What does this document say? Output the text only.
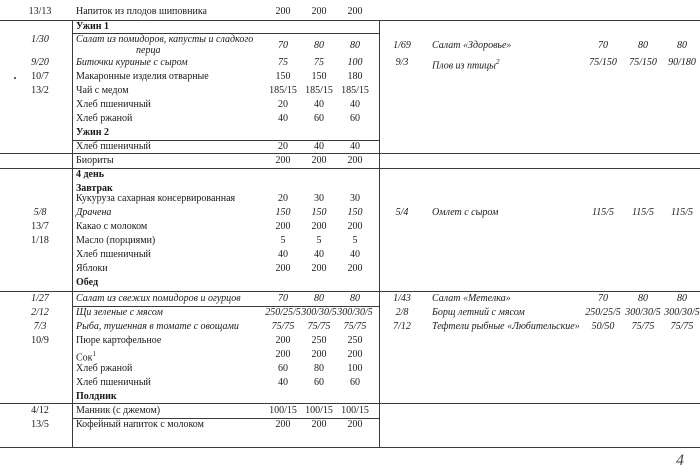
4
13/13 Напиток из плодов шиповника	200 200 200
Ужин 1
1/30	Салат из помидоров, капусты и сладкого
перца	70	80	80	1/69 Салат «Здоровье»	70	80	80
9/20	Биточки куриные с сыром	75	75 100	9/3 Плов из птицы$^2$	75/150 75/150 90/180
10/7	Макаронные изделия отварные	150 150 180
13/2	Чай с медом	185/15 185/15 185/15
Хлеб пшеничный	20	40	40
Хлеб ржаной	40	60	60
Ужин 2
Хлеб пшеничный	20	40	40
Биориты	200 200 200
4 день
Завтрак
Кукуруза сахарная консервированная	20	30	30
5/8	Драчена	150 150 150	5/4 Омлет с сыром	115/5 115/5 115/5
13/7	Какао с молоком	200 200 200
1/18	Масло (порциями)	5	5	5
Хлеб пшеничный	40	40	40
Яблоки	200 200 200
Обед
1/27	Салат из свежих помидоров и огурцов	70	80	80	1/43 Салат «Метелка»	70	80	80
2/12	Щи зеленые с мясом	250/25/5 300/30/5 300/30/5 2/8 Борщ летний с мясом	250/25/5 300/30/5 300/30/5
7/3	Рыба, тушенная в томате с овощами	75/75 75/75 75/75	7/12 Тефтели рыбные «Любительские» 50/50 75/75 75/75
10/9	Пюре картофельное	200 250 250
Сок$^1$	200 200 200
Хлеб ржаной	60	80 100
Хлеб пшеничный	40	60	60
Полдник
4/12	Манник (с джемом)	100/15 100/15 100/15
13/5	Кофейный напиток с молоком	200 200 200
